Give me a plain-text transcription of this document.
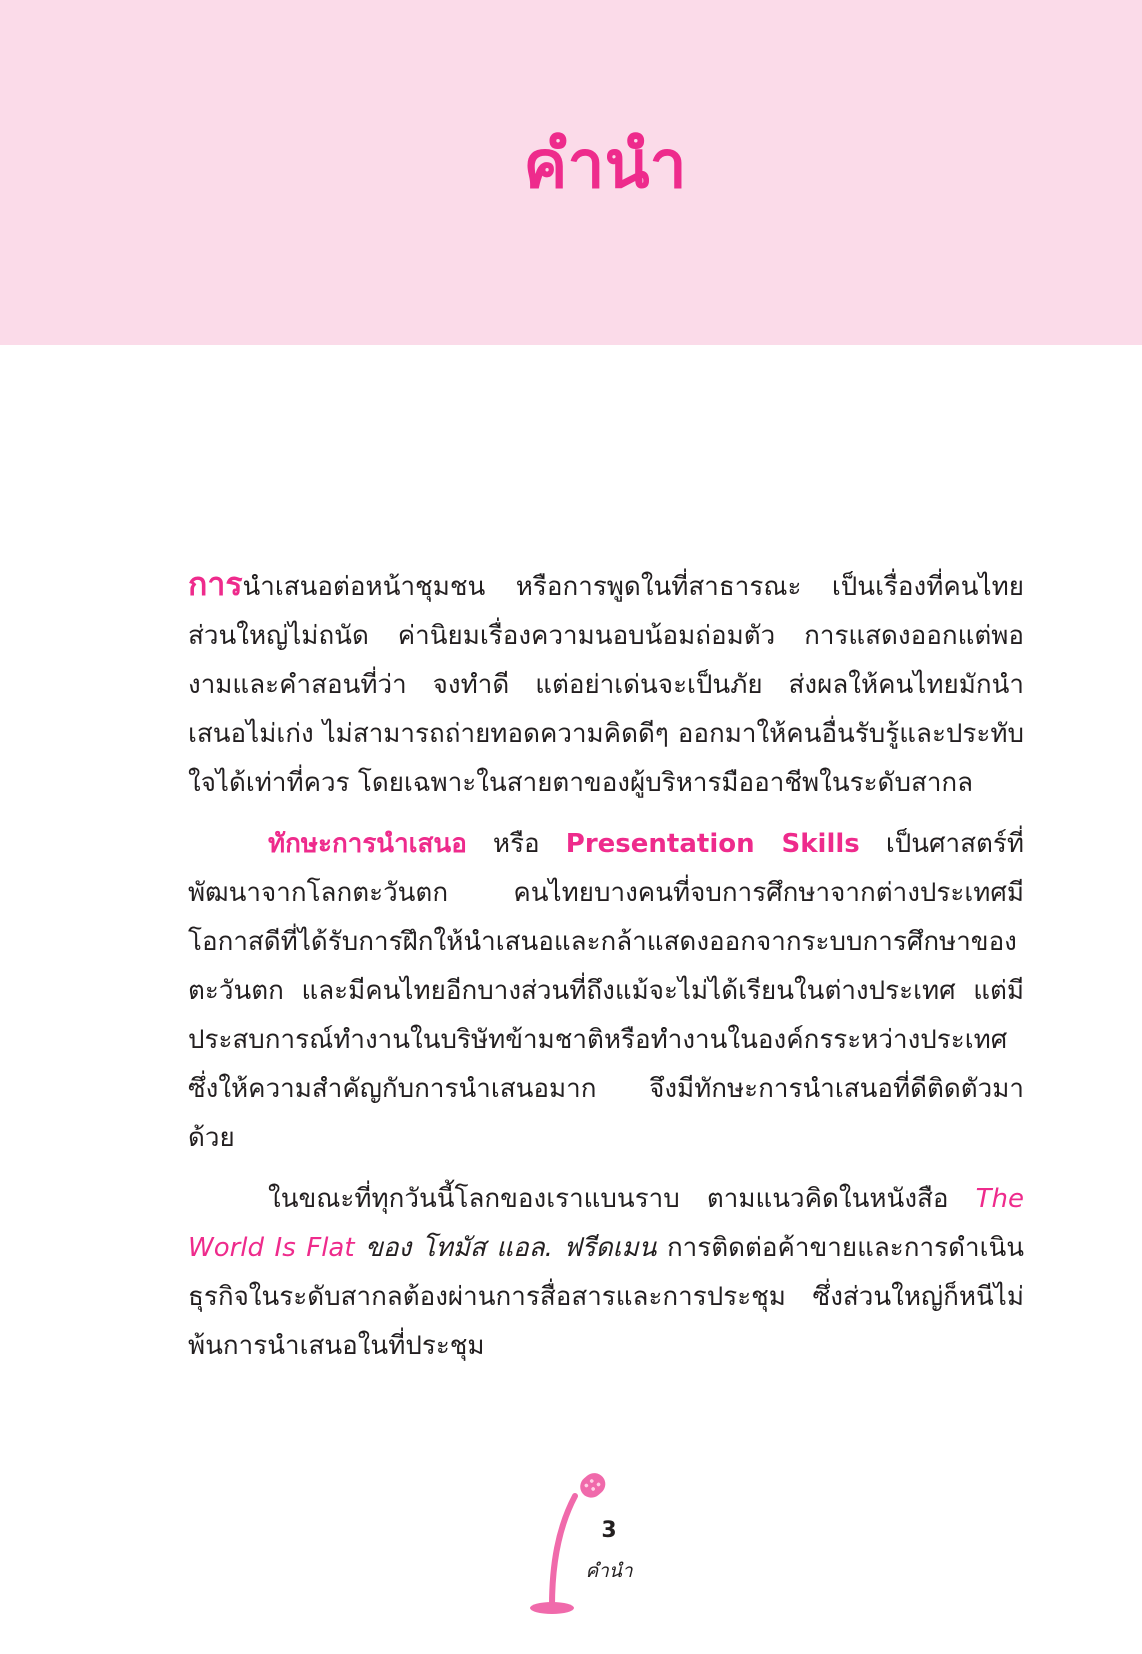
คำนำ

การนำเสนอต่อหน้าชุมชน หรือการพูดในที่สาธารณะ เป็นเรื่องที่คนไทยส่วนใหญ่ไม่ถนัด ค่านิยมเรื่องความนอบน้อมถ่อมตัว การแสดงออกแต่พองามและคำสอนที่ว่า จงทำดี แต่อย่าเด่นจะเป็นภัย ส่งผลให้คนไทยมักนำเสนอไม่เก่ง ไม่สามารถถ่ายทอดความคิดดีๆ ออกมาให้คนอื่นรับรู้และประทับใจได้เท่าที่ควร โดยเฉพาะในสายตาของผู้บริหารมืออาชีพในระดับสากล

ทักษะการนำเสนอ หรือ Presentation Skills เป็นศาสตร์ที่พัฒนาจากโลกตะวันตก คนไทยบางคนที่จบการศึกษาจากต่างประเทศมีโอกาสดีที่ได้รับการฝึกให้นำเสนอและกล้าแสดงออกจากระบบการศึกษาของตะวันตก และมีคนไทยอีกบางส่วนที่ถึงแม้จะไม่ได้เรียนในต่างประเทศ แต่มีประสบการณ์ทำงานในบริษัทข้ามชาติหรือทำงานในองค์กรระหว่างประเทศ ซึ่งให้ความสำคัญกับการนำเสนอมาก จึงมีทักษะการนำเสนอที่ดีติดตัวมาด้วย

ในขณะที่ทุกวันนี้โลกของเราแบนราบ ตามแนวคิดในหนังสือ The World Is Flat ของ โทมัส แอล. ฟรีดเมน การติดต่อค้าขายและการดำเนินธุรกิจในระดับสากลต้องผ่านการสื่อสารและการประชุม ซึ่งส่วนใหญ่ก็หนีไม่พ้นการนำเสนอในที่ประชุม

3
คำนำ
